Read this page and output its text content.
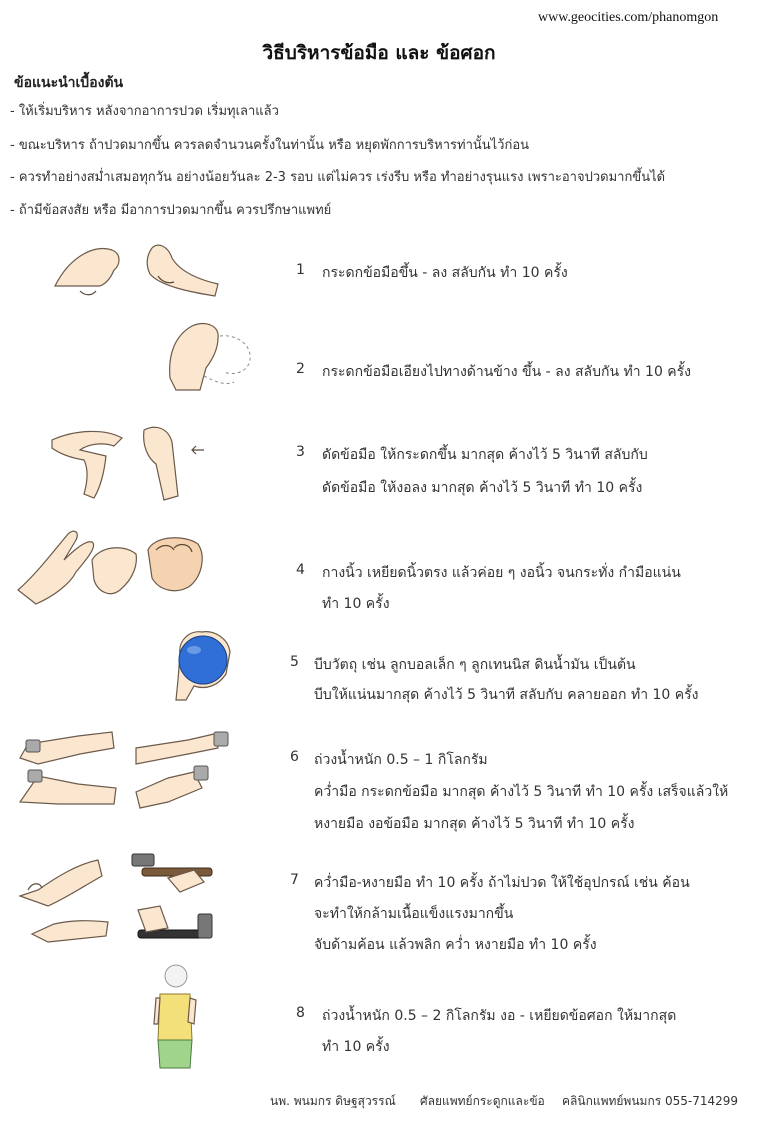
www.geocities.com/phanomgon
วิธีบริหารข้อมือ และ ข้อศอก
ข้อแนะนำเบื้องต้น
- ให้เริ่มบริหาร หลังจากอาการปวด เริ่มทุเลาแล้ว
- ขณะบริหาร ถ้าปวดมากขึ้น ควรลดจำนวนครั้งในท่านั้น หรือ หยุดพักการบริหารท่านั้นไว้ก่อน
- ควรทำอย่างสม่ำเสมอทุกวัน อย่างน้อยวันละ 2-3 รอบ แต่ไม่ควร เร่งรีบ หรือ ทำอย่างรุนแรง เพราะอาจปวดมากขึ้นได้
- ถ้ามีข้อสงสัย หรือ มีอาการปวดมากขึ้น ควรปรึกษาแพทย์
1 กระดกข้อมือขึ้น - ลง สลับกัน ทำ 10 ครั้ง
2 กระดกข้อมือเอียงไปทางด้านข้าง ขึ้น - ลง สลับกัน ทำ 10 ครั้ง
3 ดัดข้อมือ ให้กระดกขึ้น มากสุด ค้างไว้ 5 วินาที สลับกับ
ดัดข้อมือ ให้งอลง มากสุด ค้างไว้ 5 วินาที ทำ 10 ครั้ง
4 กางนิ้ว เหยียดนิ้วตรง แล้วค่อย ๆ งอนิ้ว จนกระทั่ง กำมือแน่น
ทำ 10 ครั้ง
5 บีบวัตถุ เช่น ลูกบอลเล็ก ๆ ลูกเทนนิส ดินน้ำมัน เป็นต้น
บีบให้แน่นมากสุด ค้างไว้ 5 วินาที สลับกับ คลายออก ทำ 10 ครั้ง
6 ถ่วงน้ำหนัก 0.5 – 1 กิโลกรัม
คว่ำมือ กระดกข้อมือ มากสุด ค้างไว้ 5 วินาที ทำ 10 ครั้ง เสร็จแล้วให้
หงายมือ งอข้อมือ มากสุด ค้างไว้ 5 วินาที ทำ 10 ครั้ง
7 คว่ำมือ-หงายมือ ทำ 10 ครั้ง ถ้าไม่ปวด ให้ใช้อุปกรณ์ เช่น ค้อน
จะทำให้กล้ามเนื้อแข็งแรงมากขึ้น
จับด้ามค้อน แล้วพลิก คว่ำ หงายมือ ทำ 10 ครั้ง
8 ถ่วงน้ำหนัก 0.5 – 2 กิโลกรัม งอ - เหยียดข้อศอก ให้มากสุด
ทำ 10 ครั้ง
นพ. พนมกร ดิษฐสุวรรณ์ ศัลยแพทย์กระดูกและข้อ คลินิกแพทย์พนมกร 055-714299
